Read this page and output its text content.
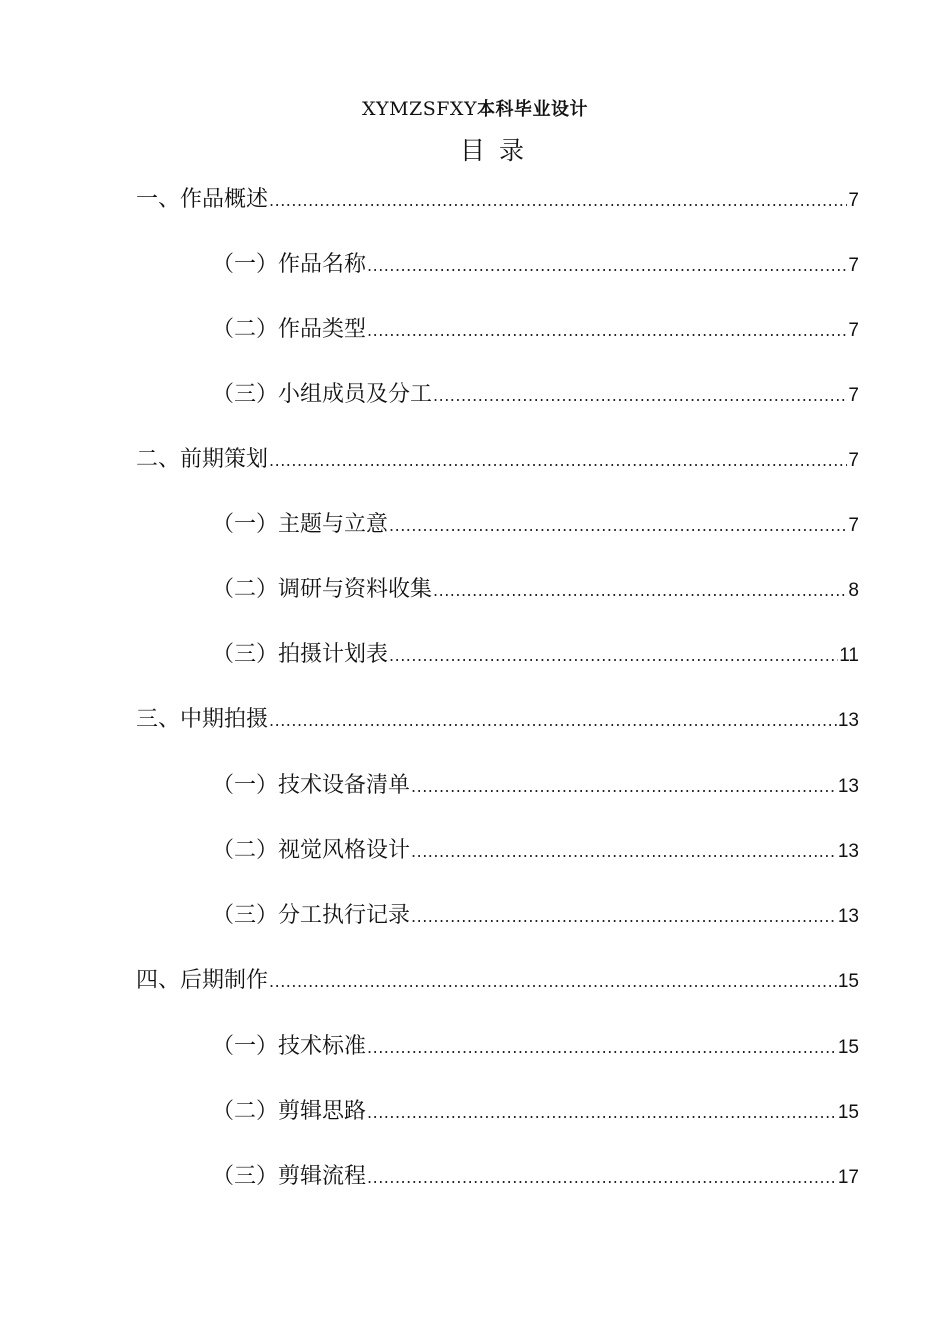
XYMZSFXY本科毕业设计
目录
一、作品概述 .....	7
（一）作品名称 .....	7
（二）作品类型 .....	7
（三）小组成员及分工 .....	7
二、前期策划 .....	7
（一）主题与立意 .....	7
（二）调研与资料收集 .....	8
（三）拍摄计划表 .....	11
三、中期拍摄 .....	13
（一）技术设备清单 .....	13
（二）视觉风格设计 .....	13
（三）分工执行记录 .....	13
四、后期制作 .....	15
（一）技术标准 .....	15
（二）剪辑思路 .....	15
（三）剪辑流程 .....	17
